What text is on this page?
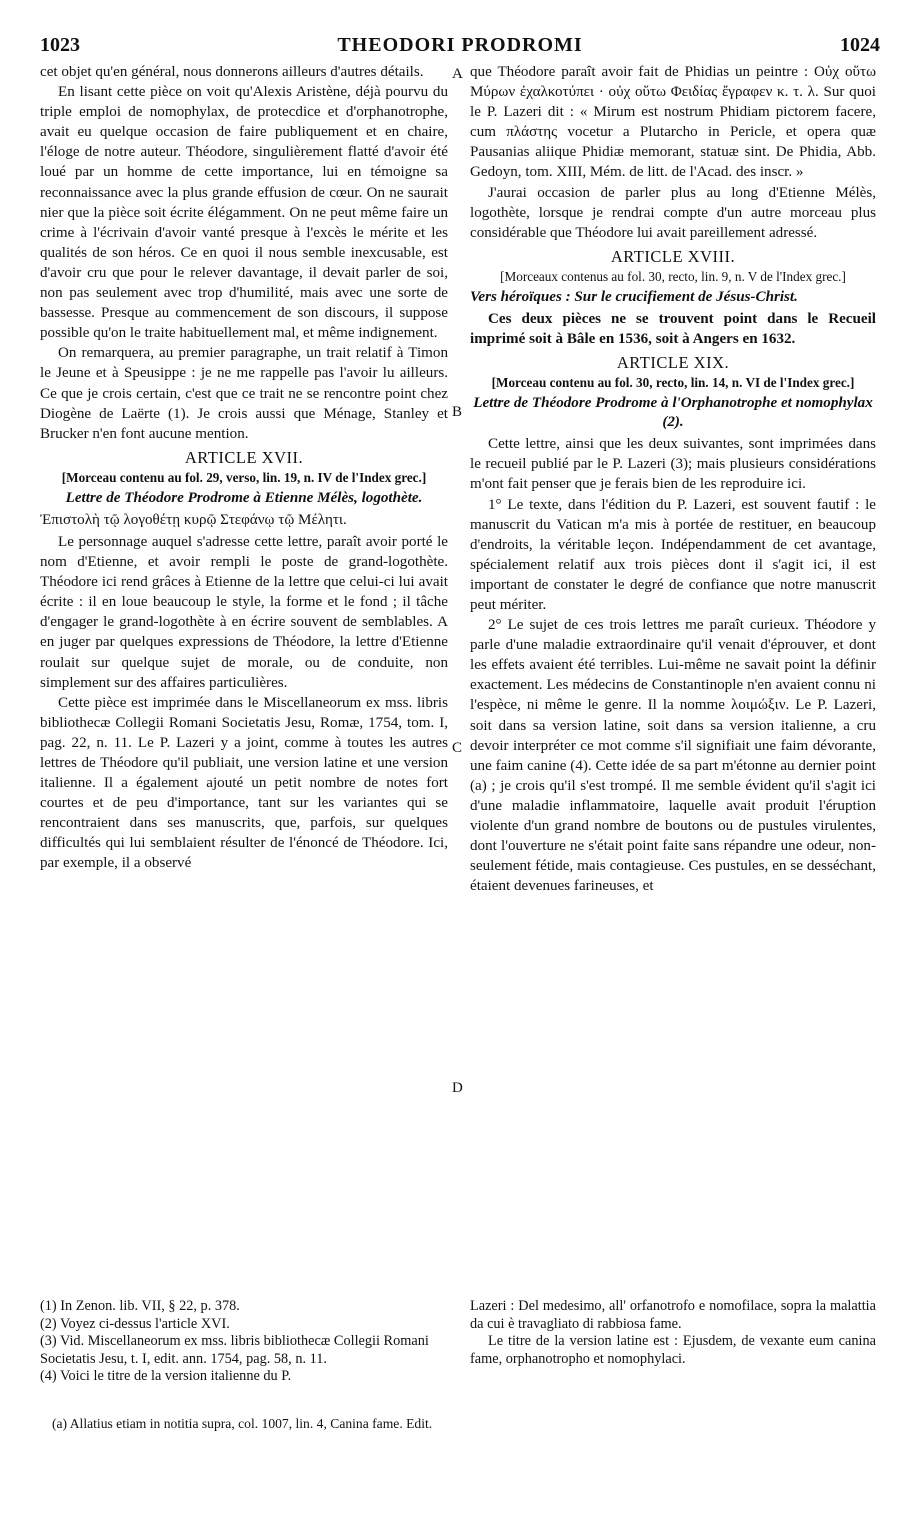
1023	THEODORI PRODROMI	1024
A
B
C
D

cet objet qu'en général, nous donnerons ailleurs d'autres détails.

En lisant cette pièce on voit qu'Alexis Aristène, déjà pourvu du triple emploi de nomophylax, de protecdice et d'orphanotrophe, avait eu quelque occasion de faire publiquement et en chaire, l'éloge de notre auteur. Théodore, singulièrement flatté d'avoir été loué par un homme de cette importance, lui en témoigne sa reconnaissance avec la plus grande effusion de cœur. On ne saurait nier que la pièce soit écrite élégamment. On ne peut même faire un crime à l'écrivain d'avoir vanté presque à l'excès le mérite et les qualités de son héros. Ce en quoi il nous semble inexcusable, est d'avoir cru que pour le relever davantage, il devait parler de soi, non pas seulement avec trop d'humilité, mais avec une sorte de bassesse. Presque au commencement de son discours, il suppose possible qu'on le traite habituellement mal, et même indignement.

On remarquera, au premier paragraphe, un trait relatif à Timon le Jeune et à Speusippe : je ne me rappelle pas l'avoir lu ailleurs. Ce que je crois certain, c'est que ce trait ne se rencontre point chez Diogène de Laërte (1). Je crois aussi que Ménage, Stanley et Brucker n'en font aucune mention.

ARTICLE XVII.
[Morceau contenu au fol. 29, verso, lin. 19, n. IV de l'Index grec.]
Lettre de Théodore Prodrome à Etienne Mélès, logothète.
Ἐπιστολὴ τῷ λογοθέτῃ κυρῷ Στεφάνῳ τῷ Μέλητι.

Le personnage auquel s'adresse cette lettre, paraît avoir porté le nom d'Etienne, et avoir rempli le poste de grand-logothète. Théodore ici rend grâces à Etienne de la lettre que celui-ci lui avait écrite : il en loue beaucoup le style, la forme et le fond ; il tâche d'engager le grand-logothète à en écrire souvent de semblables. A en juger par quelques expressions de Théodore, la lettre d'Etienne roulait sur quelque sujet de morale, ou de conduite, non simplement sur des affaires particulières.

Cette pièce est imprimée dans le Miscellaneorum ex mss. libris bibliothecæ Collegii Romani Societatis Jesu, Romæ, 1754, tom. I, pag. 22, n. 11. Le P. Lazeri y a joint, comme à toutes les autres lettres de Théodore qu'il publiait, une version latine et une version italienne. Il a également ajouté un petit nombre de notes fort courtes et de peu d'importance, tant sur les variantes qui se rencontraient dans ses manuscrits, que, parfois, sur quelques difficultés qui lui semblaient résulter de l'énoncé de Théodore. Ici, par exemple, il a observé

que Théodore paraît avoir fait de Phidias un peintre : Οὐχ οὕτω Μύρων ἐχαλκοτύπει · οὐχ οὕτω Φειδίας ἔγραφεν κ. τ. λ. Sur quoi le P. Lazeri dit : « Mirum est nostrum Phidiam pictorem facere, cum πλάστης vocetur a Plutarcho in Pericle, et opera quæ Pausanias aliique Phidiæ memorant, statuæ sint. De Phidia, Abb. Gedoyn, tom. XIII, Mém. de litt. de l'Acad. des inscr. »

J'aurai occasion de parler plus au long d'Etienne Mélès, logothète, lorsque je rendrai compte d'un autre morceau plus considérable que Théodore lui avait pareillement adressé.

ARTICLE XVIII.
[Morceaux contenus au fol. 30, recto, lin. 9, n. V de l'Index grec.]
Vers héroïques : Sur le crucifiement de Jésus-Christ.

Ces deux pièces ne se trouvent point dans le Recueil imprimé soit à Bâle en 1536, soit à Angers en 1632.

ARTICLE XIX.
[Morceau contenu au fol. 30, recto, lin. 14, n. VI de l'Index grec.]
Lettre de Théodore Prodrome à l'Orphanotrophe et nomophylax (2).

Cette lettre, ainsi que les deux suivantes, sont imprimées dans le recueil publié par le P. Lazeri (3); mais plusieurs considérations m'ont fait penser que je ferais bien de les reproduire ici.

1° Le texte, dans l'édition du P. Lazeri, est souvent fautif : le manuscrit du Vatican m'a mis à portée de restituer, en beaucoup d'endroits, la véritable leçon. Indépendamment de cet avantage, spécialement relatif aux trois pièces dont il s'agit ici, il est important de constater le degré de confiance que notre manuscrit peut mériter.

2° Le sujet de ces trois lettres me paraît curieux. Théodore y parle d'une maladie extraordinaire qu'il venait d'éprouver, et dont les effets avaient été terribles. Lui-même ne savait point la définir exactement. Les médecins de Constantinople n'en avaient connu ni l'espèce, ni même le genre. Il la nomme λοιμώξιν. Le P. Lazeri, soit dans sa version latine, soit dans sa version italienne, a cru devoir interpréter ce mot comme s'il signifiait une faim dévorante, une faim canine (4). Cette idée de sa part m'étonne au dernier point (a) ; je crois qu'il s'est trompé. Il me semble évident qu'il s'agit ici d'une maladie inflammatoire, laquelle avait produit l'éruption violente d'un grand nombre de boutons ou de pustules virulentes, dont l'ouverture ne s'était point faite sans répandre une odeur, non-seulement fétide, mais contagieuse. Ces pustules, en se desséchant, étaient devenues farineuses, et

(1) In Zenon. lib. VII, § 22, p. 378.

(2) Voyez ci-dessus l'article XVI.

(3) Vid. Miscellaneorum ex mss. libris bibliothecæ Collegii Romani Societatis Jesu, t. I, edit. ann. 1754, pag. 58, n. 11.

(4) Voici le titre de la version italienne du P.

Lazeri : Del medesimo, all' orfanotrofo e nomofilace, sopra la malattia da cui è travagliato di rabbiosa fame.

Le titre de la version latine est : Ejusdem, de vexante eum canina fame, orphanotropho et nomophylaci.

(a) Allatius etiam in notitia supra, col. 1007, lin. 4, Canina fame. Edit.
